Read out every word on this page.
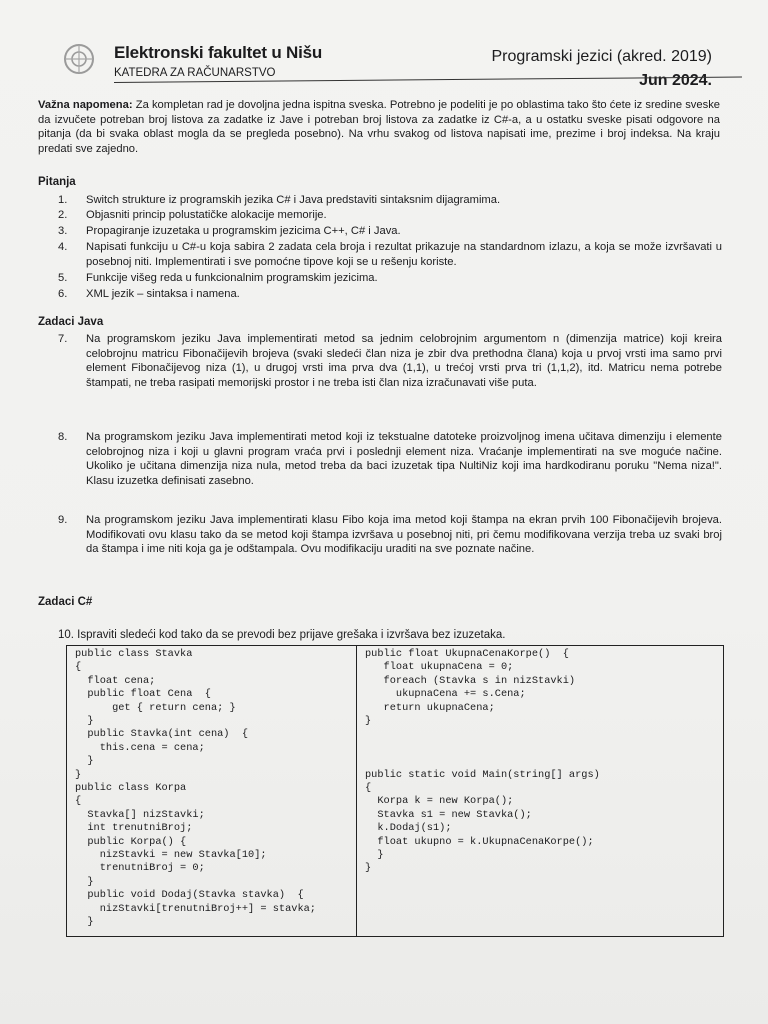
Elektronski fakultet u Nišu
KATEDRA ZA RAČUNARSTVO
Programski jezici (akred. 2019)
Jun 2024.
Važna napomena: Za kompletan rad je dovoljna jedna ispitna sveska. Potrebno je podeliti je po oblastima tako što ćete iz sredine sveske da izvučete potreban broj listova za zadatke iz Jave i potreban broj listova za zadatke iz C#-a, a u ostatku sveske pisati odgovore na pitanja (da bi svaka oblast mogla da se pregleda posebno). Na vrhu svakog od listova napisati ime, prezime i broj indeksa. Na kraju predati sve zajedno.
Pitanja
1.	Switch strukture iz programskih jezika C# i Java predstaviti sintaksnim dijagramima.
2.	Objasniti princip polustatičke alokacije memorije.
3.	Propagiranje izuzetaka u programskim jezicima C++, C# i Java.
4.	Napisati funkciju u C#-u koja sabira 2 zadata cela broja i rezultat prikazuje na standardnom izlazu, a koja se može izvršavati u posebnoj niti. Implementirati i sve pomoćne tipove koji se u rešenju koriste.
5.	Funkcije višeg reda u funkcionalnim programskim jezicima.
6.	XML jezik – sintaksa i namena.
Zadaci Java
7.	Na programskom jeziku Java implementirati metod sa jednim celobrojnim argumentom n (dimenzija matrice) koji kreira celobrojnu matricu Fibonačijevih brojeva (svaki sledeći član niza je zbir dva prethodna člana) koja u prvoj vrsti ima samo prvi element Fibonačijevog niza (1), u drugoj vrsti ima prva dva (1,1), u trećoj vrsti prva tri (1,1,2), itd. Matricu nema potrebe štampati, ne treba rasipati memorijski prostor i ne treba isti član niza izračunavati više puta.
8.	Na programskom jeziku Java implementirati metod koji iz tekstualne datoteke proizvoljnog imena učitava dimenziju i elemente celobrojnog niza i koji u glavni program vraća prvi i poslednji element niza. Vraćanje implementirati na sve moguće načine. Ukoliko je učitana dimenzija niza nula, metod treba da baci izuzetak tipa NultiNiz koji ima hardkodiranu poruku "Nema niza!". Klasu izuzetka definisati zasebno.
9.	Na programskom jeziku Java implementirati klasu Fibo koja ima metod koji štampa na ekran prvih 100 Fibonačijevih brojeva. Modifikovati ovu klasu tako da se metod koji štampa izvršava u posebnoj niti, pri čemu modifikovana verzija treba uz svaki broj da štampa i ime niti koja ga je odštampala. Ovu modifikaciju uraditi na sve poznate načine.
Zadaci C#
10. Ispraviti sledeći kod tako da se prevodi bez prijave grešaka i izvršava bez izuzetaka.
public class Stavka
{
float cena;
public float Cena  {
get { return cena; }
}
public Stavka(int cena)  {
this.cena = cena;
}
}
public class Korpa
{
Stavka[] nizStavki;
int trenutniBroj;
public Korpa() {
nizStavki = new Stavka[10];
trenutniBroj = 0;
}
public void Dodaj(Stavka stavka)  {
nizStavki[trenutniBroj++] = stavka;
}
public float UkupnaCenaKorpe()  {
float ukupnaCena = 0;
foreach (Stavka s in nizStavki)
ukupnaCena += s.Cena;
return ukupnaCena;
}
public static void Main(string[] args)
{
Korpa k = new Korpa();
Stavka s1 = new Stavka();
k.Dodaj(s1);
float ukupno = k.UkupnaCenaKorpe();
}
}
